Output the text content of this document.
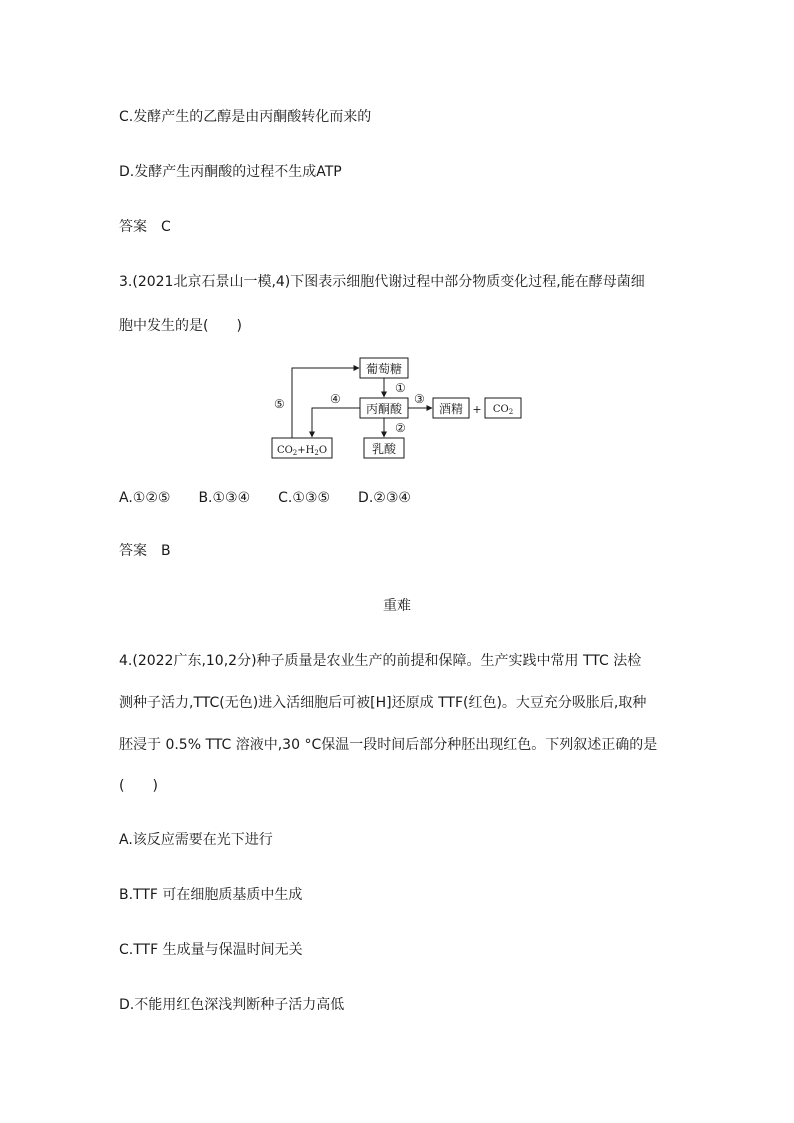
C.发酵产生的乙醇是由丙酮酸转化而来的
D.发酵产生丙酮酸的过程不生成ATP
答案 C
3.(2021北京石景山一模,4)下图表示细胞代谢过程中部分物质变化过程,能在酵母菌细
胞中发生的是(　　)
葡萄糖
丙酮酸	酒精 +
乳酸
$CO_2+H_2O$
①
②
③
④
⑤	$CO_2$
A.①②⑤ B.①③④ C.①③⑤ D.②③④
答案 B
重难
4.(2022广东,10,2分)种子质量是农业生产的前提和保障。生产实践中常用 TTC 法检
测种子活力,TTC(无色)进入活细胞后可被[H]还原成 TTF(红色)。大豆充分吸胀后,取种
胚浸于 0.5% TTC 溶液中,30 °C保温一段时间后部分种胚出现红色。下列叙述正确的是
(　　)
A.该反应需要在光下进行
B.TTF 可在细胞质基质中生成
C.TTF 生成量与保温时间无关
D.不能用红色深浅判断种子活力高低
